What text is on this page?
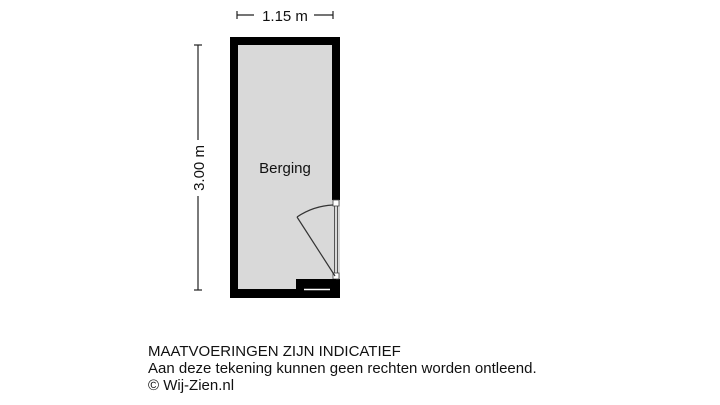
1.15 m
3.00 m	Berging
MAATVOERINGEN ZIJN INDICATIEF
Aan deze tekening kunnen geen rechten worden ontleend.
© Wij-Zien.nl
